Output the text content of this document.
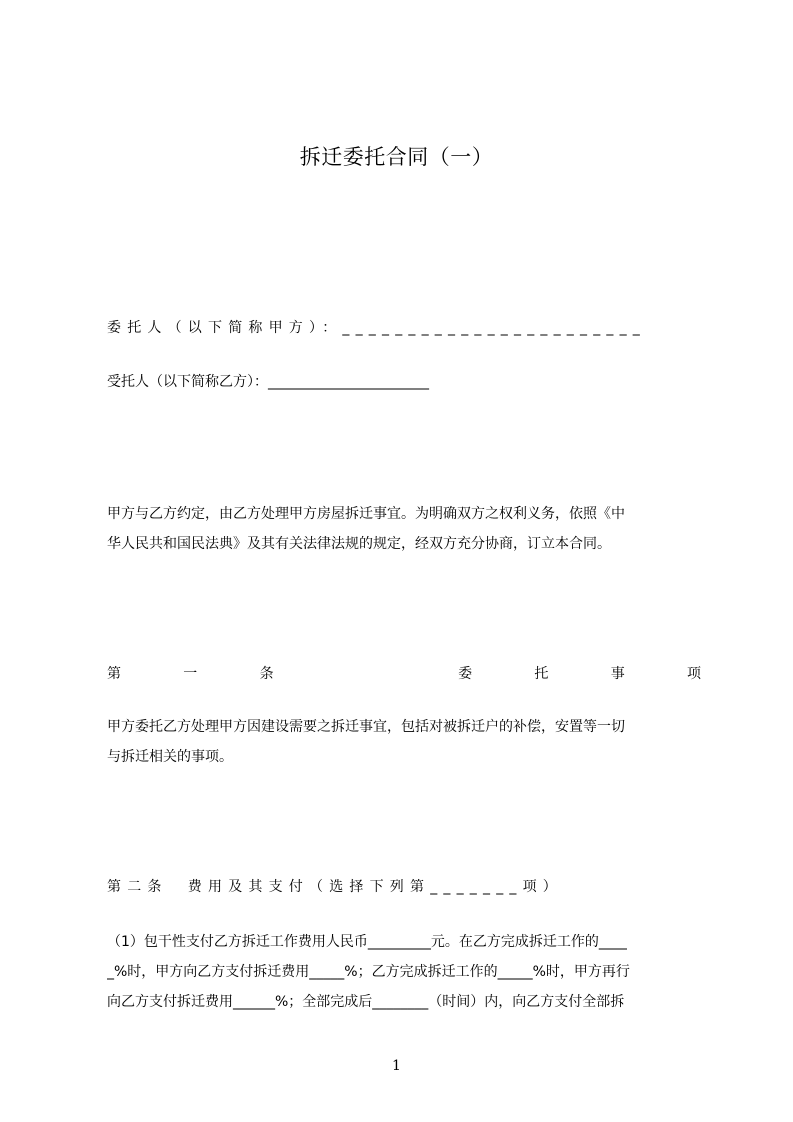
拆迁委托合同（一）
委托人（以下简称甲方）：_______________________
受托人（以下简称乙方）：_______________________
甲方与乙方约定，由乙方处理甲方房屋拆迁事宜。为明确双方之权利义务，依照《中
华人民共和国民法典》及其有关法律法规的规定，经双方充分协商，订立本合同。
第	一	条	委	托	事	项
甲方委托乙方处理甲方因建设需要之拆迁事宜，包括对被拆迁户的补偿，安置等一切
与拆迁相关的事项。
第二条　费用及其支付（选择下列第_______项）
（1）包干性支付乙方拆迁工作费用人民币_________元。在乙方完成拆迁工作的____
_%时，甲方向乙方支付拆迁费用_____%；乙方完成拆迁工作的_____%时，甲方再行
向乙方支付拆迁费用______%；全部完成后________（时间）内，向乙方支付全部拆
1
